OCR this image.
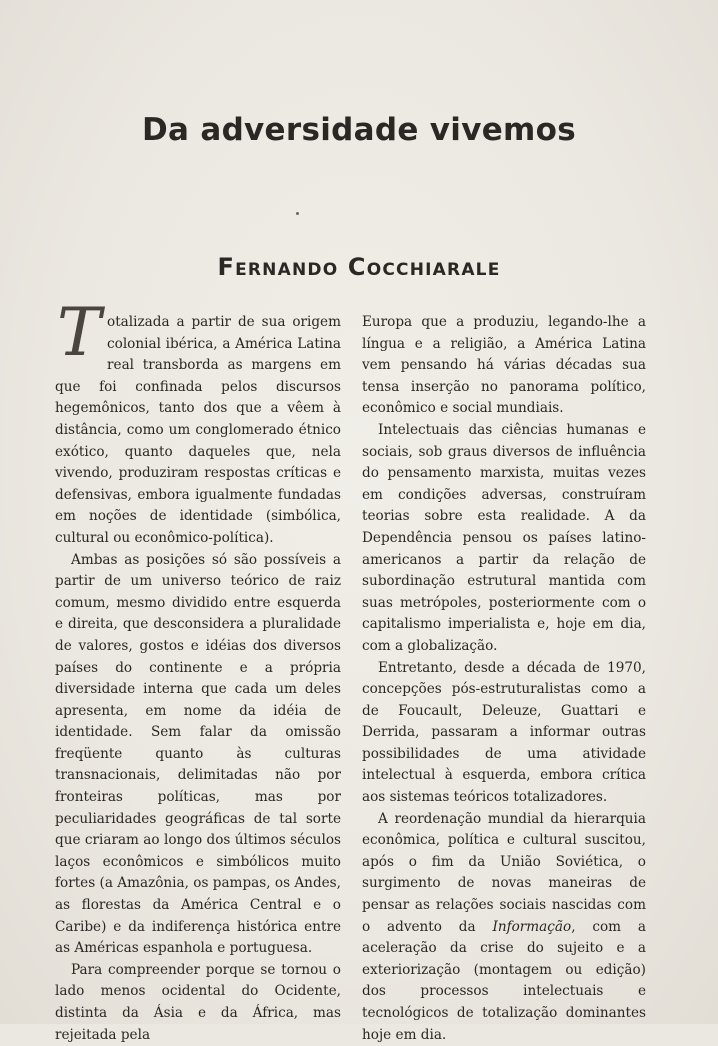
Da adversidade vivemos
Fernando Cocchiarale

Totalizada a partir de sua origem colonial ibérica, a América Latina real transborda as margens em que foi confinada pelos discursos hegemônicos, tanto dos que a vêem à distância, como um conglomerado étnico exótico, quanto daqueles que, nela vivendo, produziram respostas críticas e defensivas, embora igualmente fundadas em noções de identidade (simbólica, cultural ou econômico-política).

Ambas as posições só são possíveis a partir de um universo teórico de raiz comum, mesmo dividido entre esquerda e direita, que desconsidera a pluralidade de valores, gostos e idéias dos diversos países do continente e a própria diversidade interna que cada um deles apresenta, em nome da idéia de identidade. Sem falar da omissão freqüente quanto às culturas transnacionais, delimitadas não por fronteiras políticas, mas por peculiaridades geográficas de tal sorte que criaram ao longo dos últimos séculos laços econômicos e simbólicos muito fortes (a Amazônia, os pampas, os Andes, as florestas da América Central e o Caribe) e da indiferença histórica entre as Américas espanhola e portuguesa.

Para compreender porque se tornou o lado menos ocidental do Ocidente, distinta da Ásia e da África, mas rejeitada pela

Europa que a produziu, legando-lhe a língua e a religião, a América Latina vem pensando há várias décadas sua tensa inserção no panorama político, econômico e social mundiais.

Intelectuais das ciências humanas e sociais, sob graus diversos de influência do pensamento marxista, muitas vezes em condições adversas, construíram teorias sobre esta realidade. A da Dependência pensou os países latino-americanos a partir da relação de subordinação estrutural mantida com suas metrópoles, posteriormente com o capitalismo imperialista e, hoje em dia, com a globalização.

Entretanto, desde a década de 1970, concepções pós-estruturalistas como a de Foucault, Deleuze, Guattari e Derrida, passaram a informar outras possibilidades de uma atividade intelectual à esquerda, embora crítica aos sistemas teóricos totalizadores.

A reordenação mundial da hierarquia econômica, política e cultural suscitou, após o fim da União Soviética, o surgimento de novas maneiras de pensar as relações sociais nascidas com o advento da Informação, com a aceleração da crise do sujeito e a exteriorização (montagem ou edição) dos processos intelectuais e tecnológicos de totalização dominantes hoje em dia.
